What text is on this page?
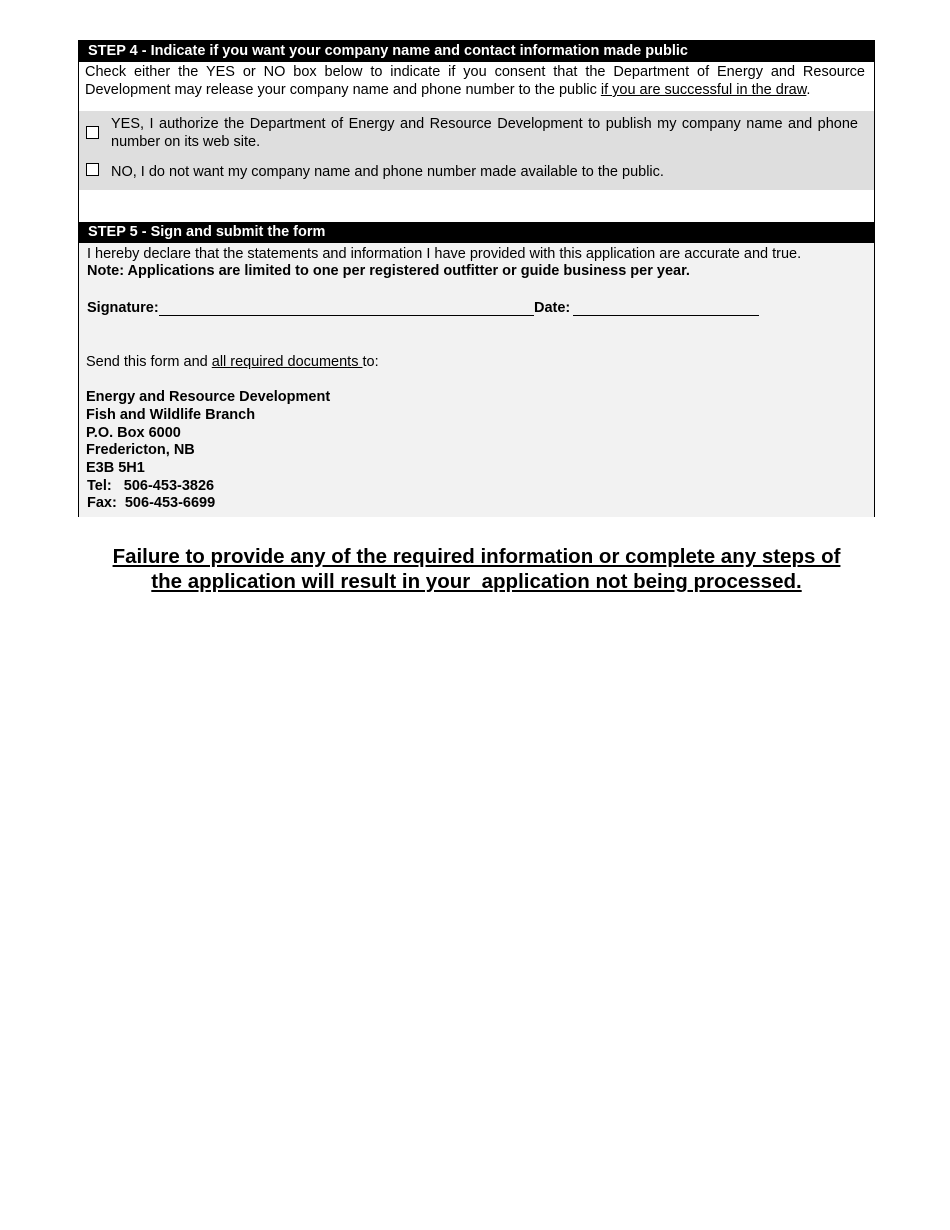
STEP 4 - Indicate if you want your company name and contact information made public
Check either the YES or NO box below to indicate if you consent that the Department of Energy and Resource Development may release your company name and phone number to the public if you are successful in the draw.
YES, I authorize the Department of Energy and Resource Development to publish my company name and phone number on its web site.
NO, I do not want my company name and phone number made available to the public.
STEP 5 - Sign and submit the form
I hereby declare that the statements and information I have provided with this application are accurate and true.
Note: Applications are limited to one per registered outfitter or guide business per year.
Signature:	Date:
Send this form and all required documents to:
Energy and Resource Development
Fish and Wildlife Branch
P.O. Box 6000
Fredericton, NB
E3B 5H1
Tel:   506-453-3826
Fax:  506-453-6699
Failure to provide any of the required information or complete any steps of
the application will result in your  application not being processed.
